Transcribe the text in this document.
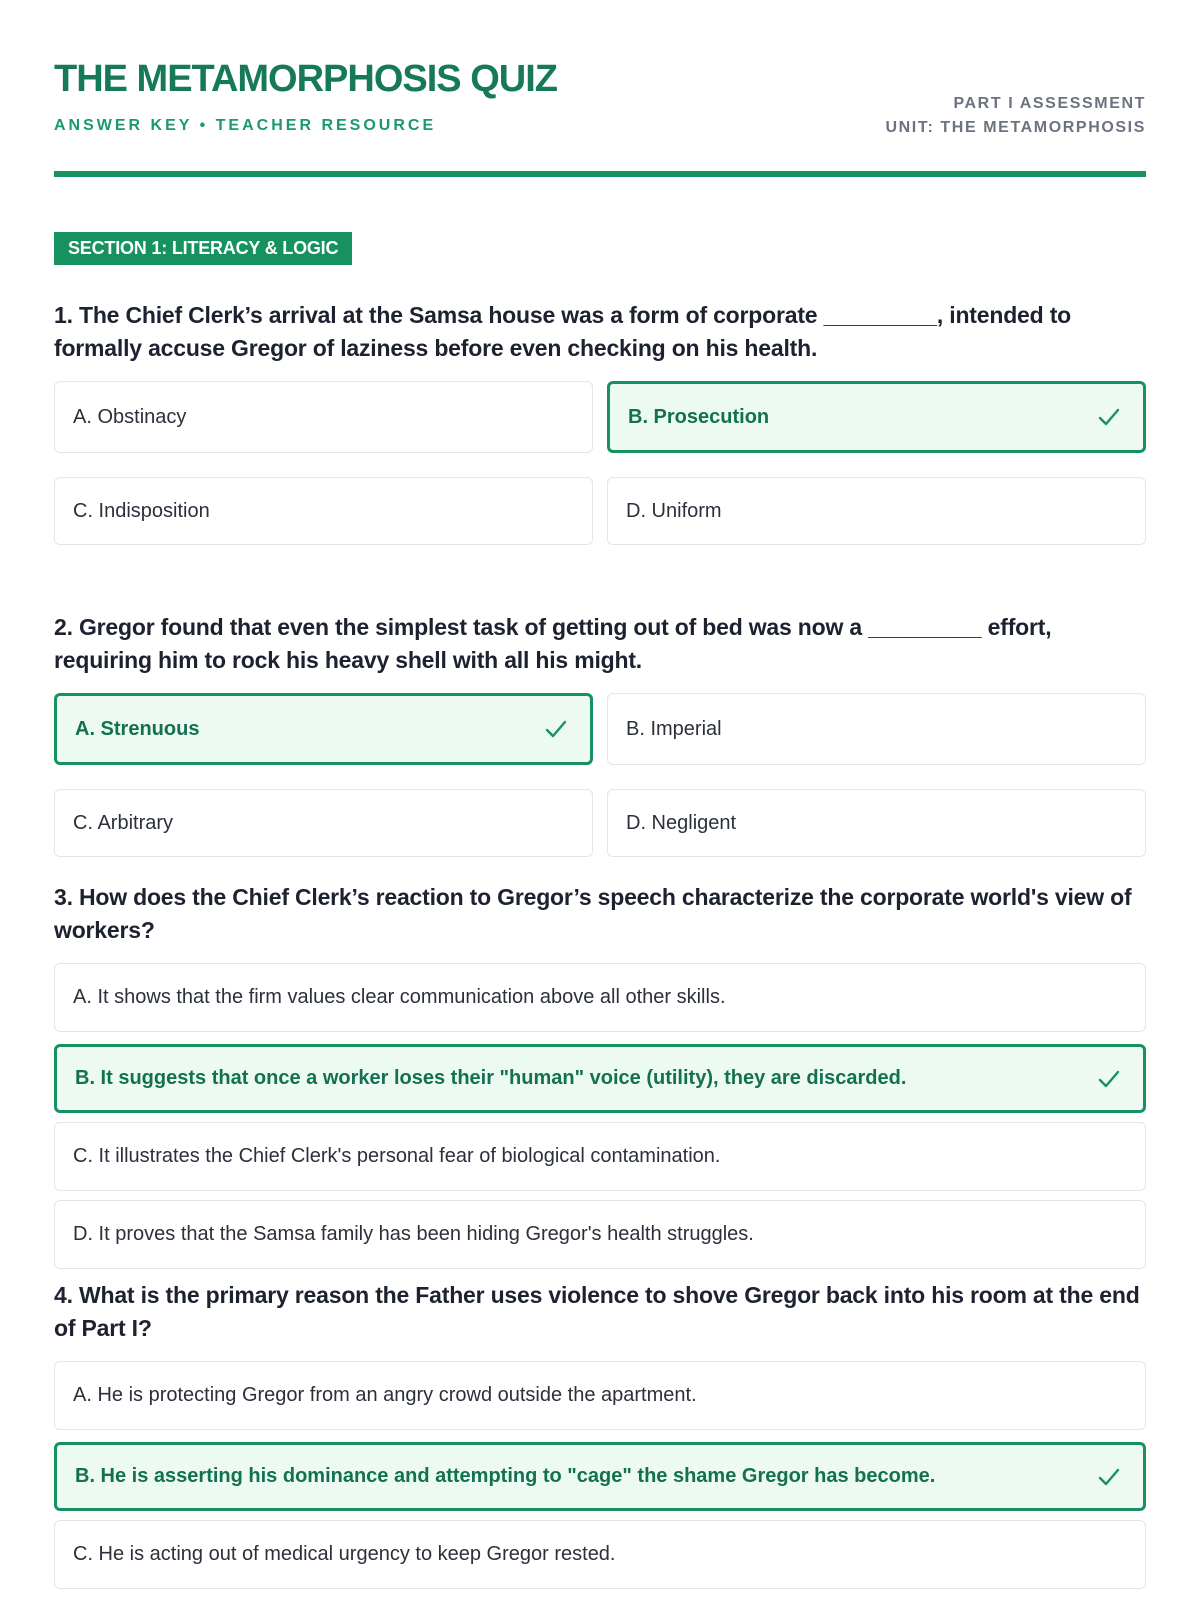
THE METAMORPHOSIS QUIZ
ANSWER KEY • TEACHER RESOURCE
PART I ASSESSMENT
UNIT: THE METAMORPHOSIS
SECTION 1: LITERACY & LOGIC

1. The Chief Clerk’s arrival at the Samsa house was a form of corporate _________, intended to formally accuse Gregor of laziness before even checking on his health.

A. Obstinacy	B. Prosecution
C. Indisposition	D. Uniform

2. Gregor found that even the simplest task of getting out of bed was now a _________ effort, requiring him to rock his heavy shell with all his might.

A. Strenuous	B. Imperial
C. Arbitrary	D. Negligent

3. How does the Chief Clerk’s reaction to Gregor’s speech characterize the corporate world's view of workers?

A. It shows that the firm values clear communication above all other skills.
B. It suggests that once a worker loses their "human" voice (utility), they are discarded.
C. It illustrates the Chief Clerk's personal fear of biological contamination.
D. It proves that the Samsa family has been hiding Gregor's health struggles.

4. What is the primary reason the Father uses violence to shove Gregor back into his room at the end of Part I?

A. He is protecting Gregor from an angry crowd outside the apartment.
B. He is asserting his dominance and attempting to "cage" the shame Gregor has become.
C. He is acting out of medical urgency to keep Gregor rested.
